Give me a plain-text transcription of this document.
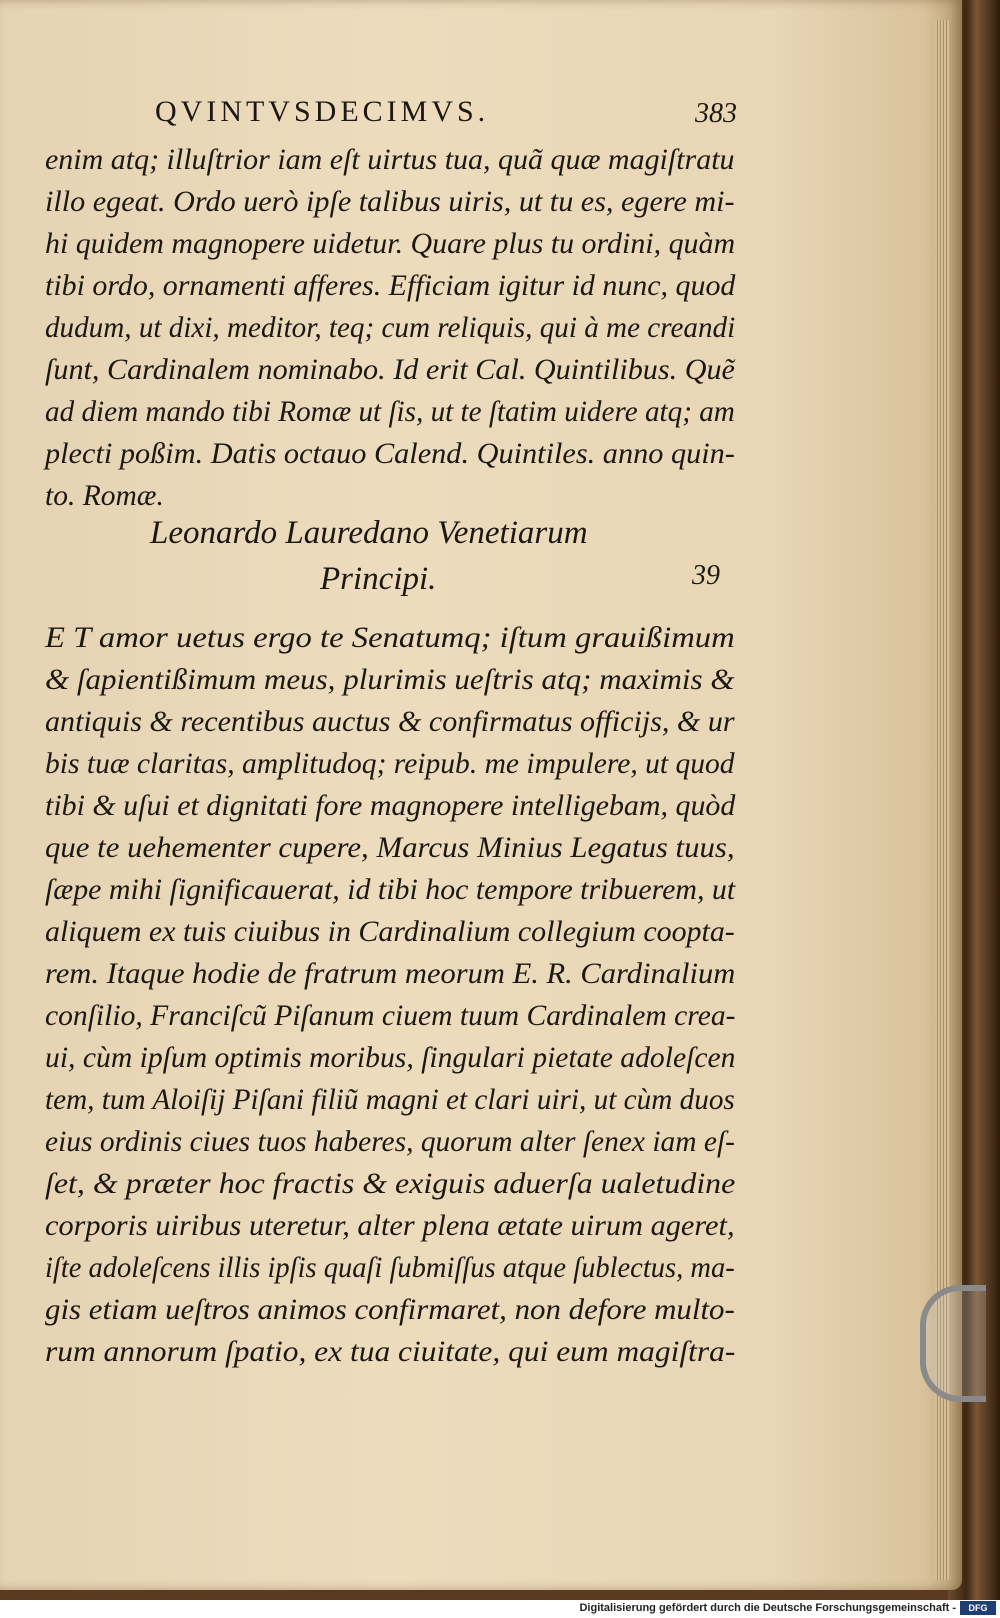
QVINTVSDECIMVS.	383
enim atq; illuſtrior iam eſt uirtus tua, quã quæ magiſtratu
illo egeat. Ordo uerò ipſe talibus uiris, ut tu es, egere mi-
hi quidem magnopere uidetur. Quare plus tu ordini, quàm
tibi ordo, ornamenti afferes. Efficiam igitur id nunc, quod
dudum, ut dixi, meditor, teq; cum reliquis, qui à me creandi
ſunt, Cardinalem nominabo. Id erit Cal. Quintilibus. Quẽ
ad diem mando tibi Romæ ut ſis, ut te ſtatim uidere atq; am
plecti poßim. Datis octauo Calend. Quintiles. anno quin-
to. Romæ.
E T amor uetus ergo te Senatumq; iſtum grauißimum
& ſapientißimum meus, plurimis ueſtris atq; maximis &
antiquis & recentibus auctus & confirmatus officijs, & ur
bis tuæ claritas, amplitudoq; reipub. me impulere, ut quod
tibi & uſui et dignitati fore magnopere intelligebam, quòd
que te uehementer cupere, Marcus Minius Legatus tuus,
ſæpe mihi ſignificauerat, id tibi hoc tempore tribuerem, ut
aliquem ex tuis ciuibus in Cardinalium collegium coopta-
rem. Itaque hodie de fratrum meorum E. R. Cardinalium
conſilio, Franciſcũ Piſanum ciuem tuum Cardinalem crea-
ui, cùm ipſum optimis moribus, ſingulari pietate adoleſcen
tem, tum Aloiſij Piſani filiũ magni et clari uiri, ut cùm duos
eius ordinis ciues tuos haberes, quorum alter ſenex iam eſ-
ſet, & præter hoc fractis & exiguis aduerſa ualetudine
corporis uiribus uteretur, alter plena ætate uirum ageret,
iſte adoleſcens illis ipſis quaſi ſubmiſſus atque ſublectus, ma-
gis etiam ueſtros animos confirmaret, non defore multo-
rum annorum ſpatio, ex tua ciuitate, qui eum magiſtra-
Leonardo Lauredano Venetiarum
Principi.	39
Digitalisierung gefördert durch die Deutsche Forschungsgemeinschaft -	DFG
